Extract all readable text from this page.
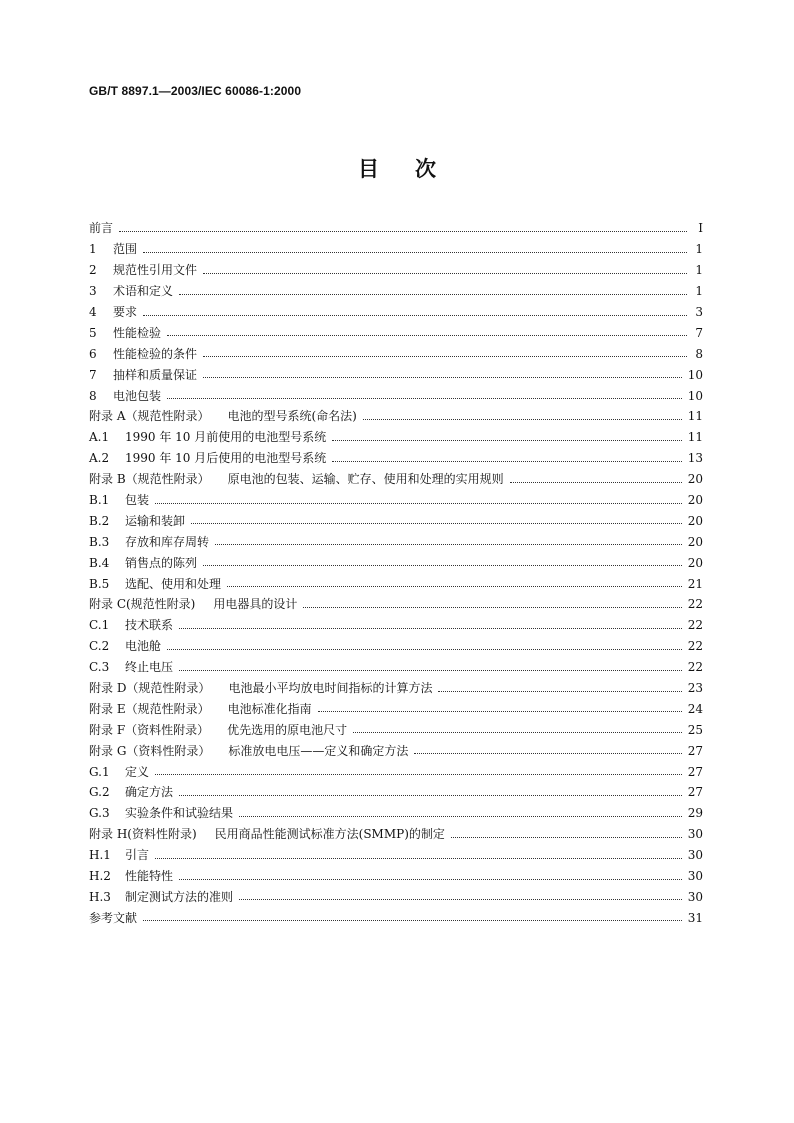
GB/T 8897.1—2003/IEC 60086-1:2000
目次
前言	I
1 范围	1
2 规范性引用文件	1
3 术语和定义	1
4 要求	3
5 性能检验	7
6 性能检验的条件	8
7 抽样和质量保证	10
8 电池包装	10
附录 A（规范性附录） 电池的型号系统(命名法)	11
A.1 1990 年 10 月前使用的电池型号系统	11
A.2 1990 年 10 月后使用的电池型号系统	13
附录 B（规范性附录） 原电池的包装、运输、贮存、使用和处理的实用规则	20
B.1 包装	20
B.2 运输和装卸	20
B.3 存放和库存周转	20
B.4 销售点的陈列	20
B.5 选配、使用和处理	21
附录 C(规范性附录) 用电器具的设计	22
C.1 技术联系	22
C.2 电池舱	22
C.3 终止电压	22
附录 D（规范性附录） 电池最小平均放电时间指标的计算方法	23
附录 E（规范性附录） 电池标准化指南	24
附录 F（资料性附录） 优先选用的原电池尺寸	25
附录 G（资料性附录） 标准放电电压——定义和确定方法	27
G.1 定义	27
G.2 确定方法	27
G.3 实验条件和试验结果	29
附录 H(资料性附录) 民用商品性能测试标准方法(SMMP)的制定	30
H.1 引言	30
H.2 性能特性	30
H.3 制定测试方法的准则	30
参考文献	31
